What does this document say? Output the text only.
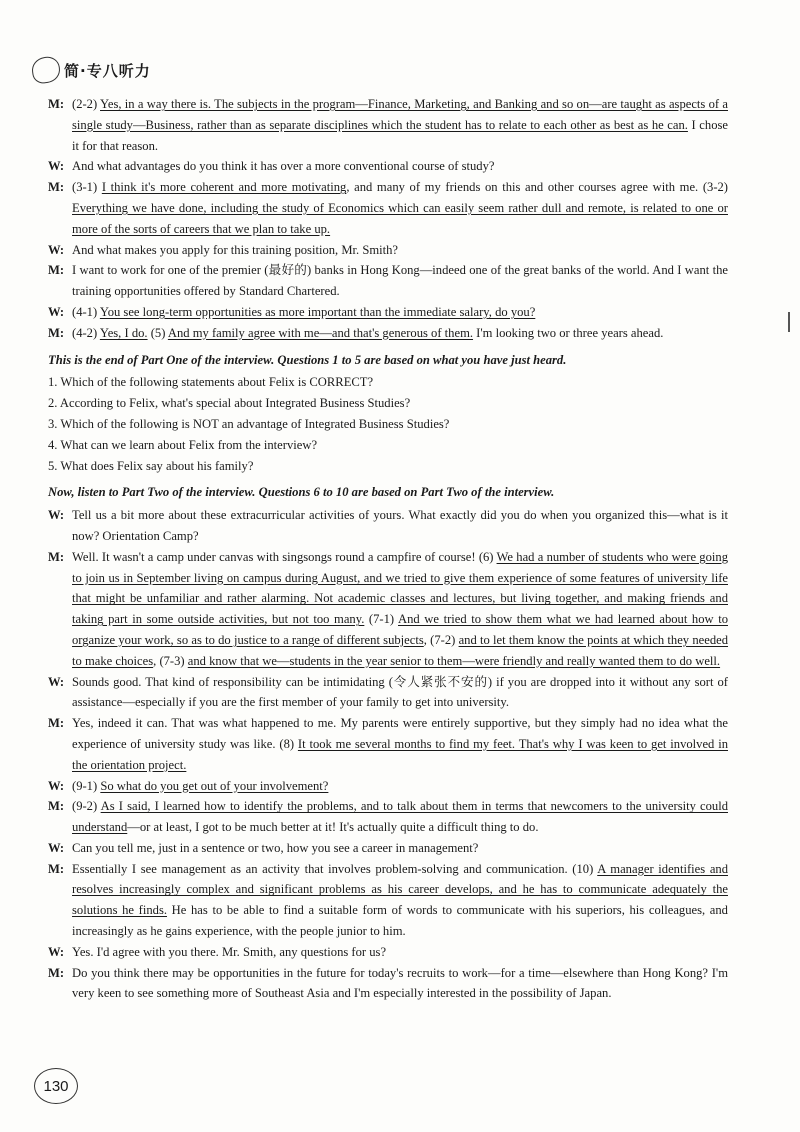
简·专八听力
M: (2-2) Yes, in a way there is. The subjects in the program—Finance, Marketing, and Banking and so on—are taught as aspects of a single study—Business, rather than as separate disciplines which the student has to relate to each other as best as he can. I chose it for that reason.
W: And what advantages do you think it has over a more conventional course of study?
M: (3-1) I think it's more coherent and more motivating, and many of my friends on this and other courses agree with me. (3-2) Everything we have done, including the study of Economics which can easily seem rather dull and remote, is related to one or more of the sorts of careers that we plan to take up.
W: And what makes you apply for this training position, Mr. Smith?
M: I want to work for one of the premier (最好的) banks in Hong Kong—indeed one of the great banks of the world. And I want the training opportunities offered by Standard Chartered.
W: (4-1) You see long-term opportunities as more important than the immediate salary, do you?
M: (4-2) Yes, I do. (5) And my family agree with me—and that's generous of them. I'm looking two or three years ahead.
This is the end of Part One of the interview. Questions 1 to 5 are based on what you have just heard.
1. Which of the following statements about Felix is CORRECT?
2. According to Felix, what's special about Integrated Business Studies?
3. Which of the following is NOT an advantage of Integrated Business Studies?
4. What can we learn about Felix from the interview?
5. What does Felix say about his family?
Now, listen to Part Two of the interview. Questions 6 to 10 are based on Part Two of the interview.
W: Tell us a bit more about these extracurricular activities of yours. What exactly did you do when you organized this—what is it now? Orientation Camp?
M: Well. It wasn't a camp under canvas with singsongs round a campfire of course! (6) We had a number of students who were going to join us in September living on campus during August, and we tried to give them experience of some features of university life that might be unfamiliar and rather alarming. Not academic classes and lectures, but living together, and making friends and taking part in some outside activities, but not too many. (7-1) And we tried to show them what we had learned about how to organize your work, so as to do justice to a range of different subjects, (7-2) and to let them know the points at which they needed to make choices, (7-3) and know that we—students in the year senior to them—were friendly and really wanted them to do well.
W: Sounds good. That kind of responsibility can be intimidating (令人紧张不安的) if you are dropped into it without any sort of assistance—especially if you are the first member of your family to get into university.
M: Yes, indeed it can. That was what happened to me. My parents were entirely supportive, but they simply had no idea what the experience of university study was like. (8) It took me several months to find my feet. That's why I was keen to get involved in the orientation project.
W: (9-1) So what do you get out of your involvement?
M: (9-2) As I said, I learned how to identify the problems, and to talk about them in terms that newcomers to the university could understand—or at least, I got to be much better at it! It's actually quite a difficult thing to do.
W: Can you tell me, just in a sentence or two, how you see a career in management?
M: Essentially I see management as an activity that involves problem-solving and communication. (10) A manager identifies and resolves increasingly complex and significant problems as his career develops, and he has to communicate adequately the solutions he finds. He has to be able to find a suitable form of words to communicate with his superiors, his colleagues, and increasingly as he gains experience, with the people junior to him.
W: Yes. I'd agree with you there. Mr. Smith, any questions for us?
M: Do you think there may be opportunities in the future for today's recruits to work—for a time—elsewhere than Hong Kong? I'm very keen to see something more of Southeast Asia and I'm especially interested in the possibility of Japan.
130
